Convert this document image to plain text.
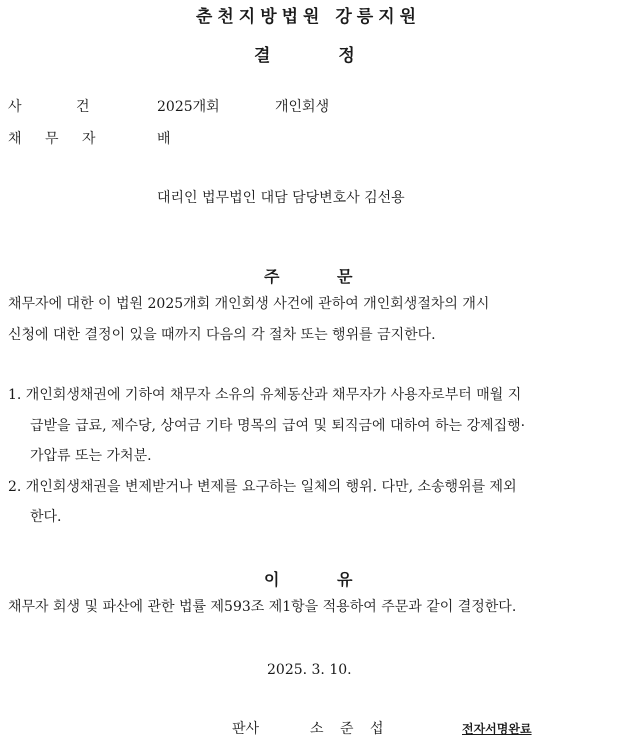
춘천지방법원 강릉지원
결 정
사 건	2025개회	개인회생
채 무 자	배
대리인 법무법인 대담 담당변호사 김선용
주 문
채무자에 대한 이 법원 2025개회 개인회생 사건에 관하여 개인회생절차의 개시
신청에 대한 결정이 있을 때까지 다음의 각 절차 또는 행위를 금지한다.
1. 개인회생채권에 기하여 채무자 소유의 유체동산과 채무자가 사용자로부터 매월 지
급받을 급료, 제수당, 상여금 기타 명목의 급여 및 퇴직금에 대하여 하는 강제집행·
가압류 또는 가처분.
2. 개인회생채권을 변제받거나 변제를 요구하는 일체의 행위. 다만, 소송행위를 제외
한다.
이 유
채무자 회생 및 파산에 관한 법률 제593조 제1항을 적용하여 주문과 같이 결정한다.
2025. 3. 10.
판사	소 준 섭	전자서명완료
